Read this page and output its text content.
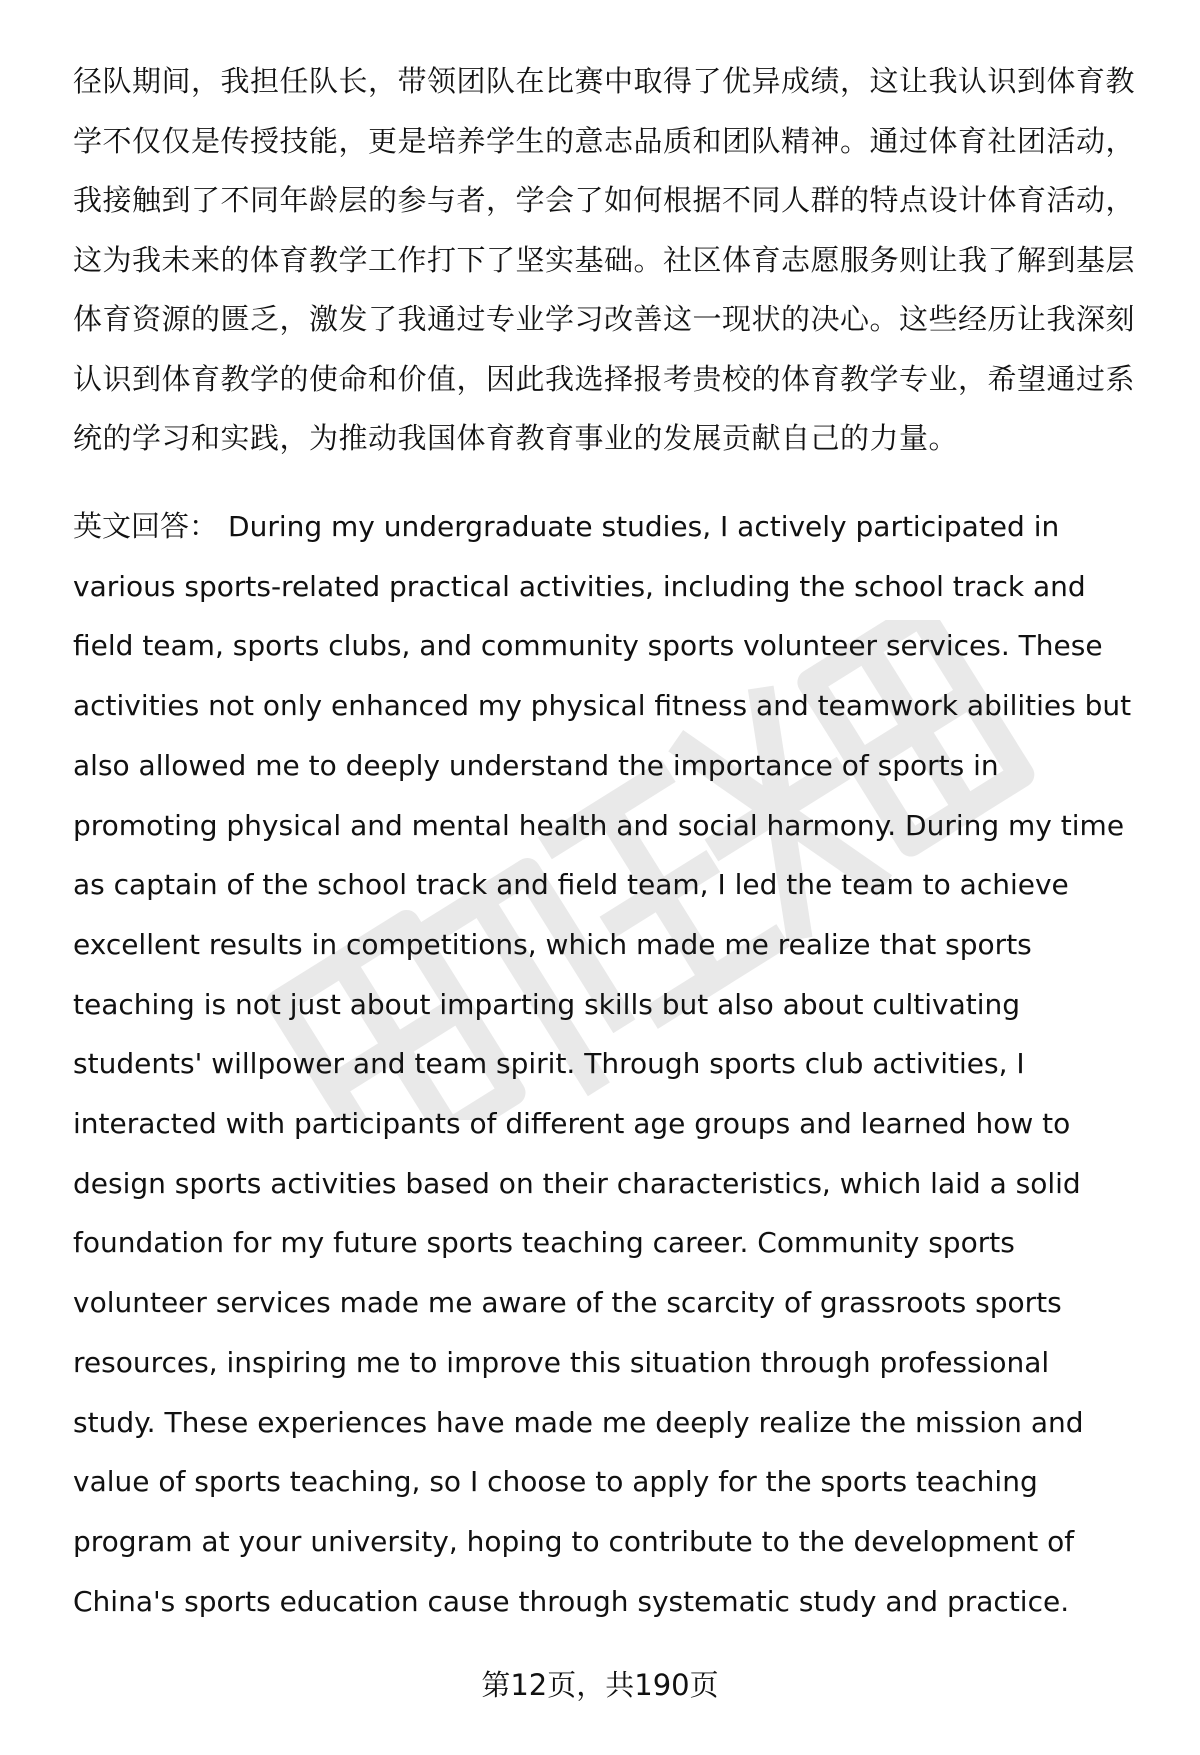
径队期间，我担任队长，带领团队在比赛中取得了优异成绩，这让我认识到体育教
学不仅仅是传授技能，更是培养学生的意志品质和团队精神。通过体育社团活动，
我接触到了不同年龄层的参与者，学会了如何根据不同人群的特点设计体育活动，
这为我未来的体育教学工作打下了坚实基础。社区体育志愿服务则让我了解到基层
体育资源的匮乏，激发了我通过专业学习改善这一现状的决心。这些经历让我深刻
认识到体育教学的使命和价值，因此我选择报考贵校的体育教学专业，希望通过系
统的学习和实践，为推动我国体育教育事业的发展贡献自己的力量。
英文回答： During my undergraduate studies, I actively participated in
various sports-related practical activities, including the school track and
field team, sports clubs, and community sports volunteer services. These
activities not only enhanced my physical fitness and teamwork abilities but
also allowed me to deeply understand the importance of sports in
promoting physical and mental health and social harmony. During my time
as captain of the school track and field team, I led the team to achieve
excellent results in competitions, which made me realize that sports
teaching is not just about imparting skills but also about cultivating
students' willpower and team spirit. Through sports club activities, I
interacted with participants of different age groups and learned how to
design sports activities based on their characteristics, which laid a solid
foundation for my future sports teaching career. Community sports
volunteer services made me aware of the scarcity of grassroots sports
resources, inspiring me to improve this situation through professional
study. These experiences have made me deeply realize the mission and
value of sports teaching, so I choose to apply for the sports teaching
program at your university, hoping to contribute to the development of
China's sports education cause through systematic study and practice.
第12页，共190页
